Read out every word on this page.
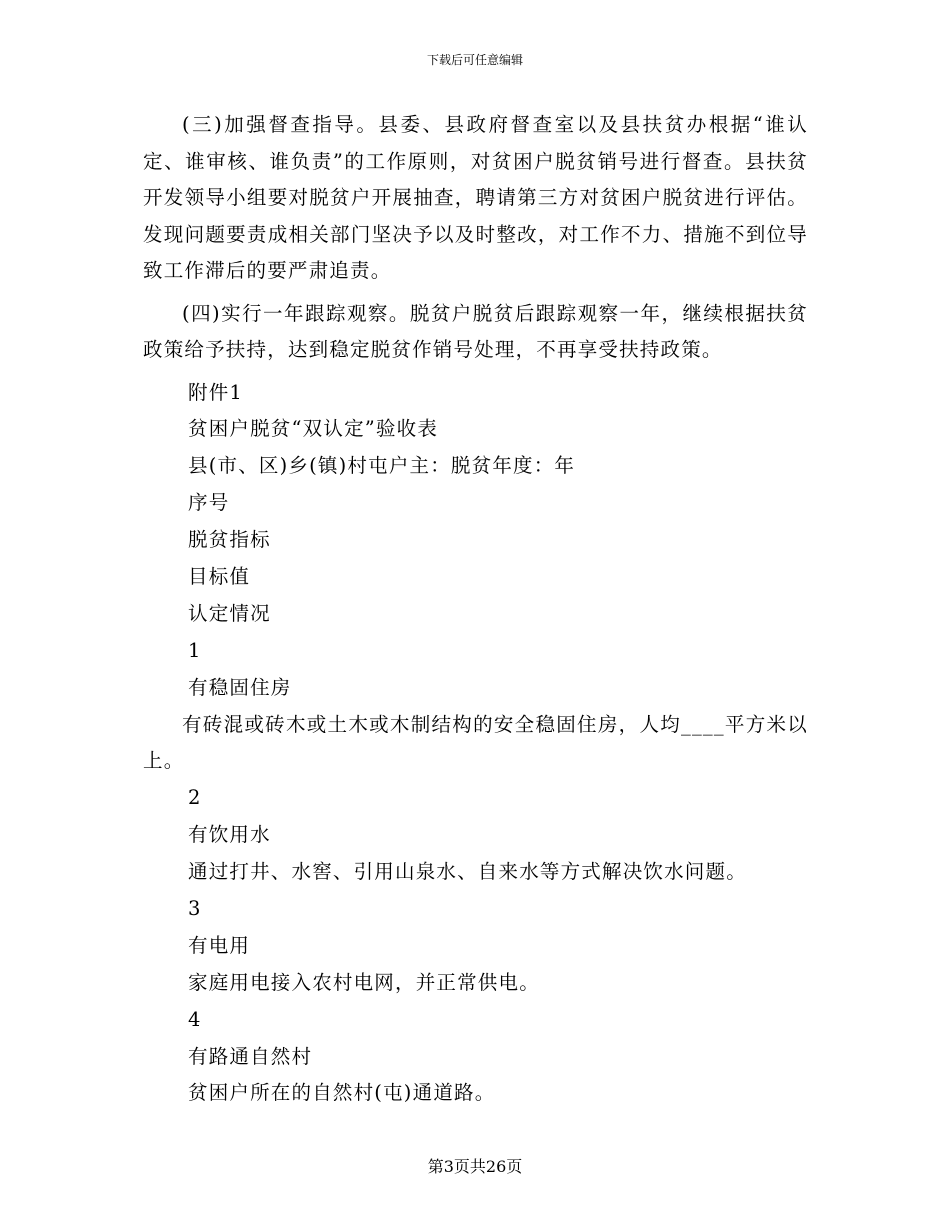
下载后可任意编辑

(三)加强督查指导。县委、县政府督查室以及县扶贫办根据“谁认定、谁审核、谁负责”的工作原则，对贫困户脱贫销号进行督查。县扶贫开发领导小组要对脱贫户开展抽查，聘请第三方对贫困户脱贫进行评估。发现问题要责成相关部门坚决予以及时整改，对工作不力、措施不到位导致工作滞后的要严肃追责。

(四)实行一年跟踪观察。脱贫户脱贫后跟踪观察一年，继续根据扶贫政策给予扶持，达到稳定脱贫作销号处理，不再享受扶持政策。

附件1

贫困户脱贫“双认定”验收表

县(市、区)乡(镇)村屯户主：脱贫年度：年

序号

脱贫指标

目标值

认定情况

1

有稳固住房

有砖混或砖木或土木或木制结构的安全稳固住房，人均____平方米以上。

2

有饮用水

通过打井、水窖、引用山泉水、自来水等方式解决饮水问题。

3

有电用

家庭用电接入农村电网，并正常供电。

4

有路通自然村

贫困户所在的自然村(屯)通道路。

第3页共26页
